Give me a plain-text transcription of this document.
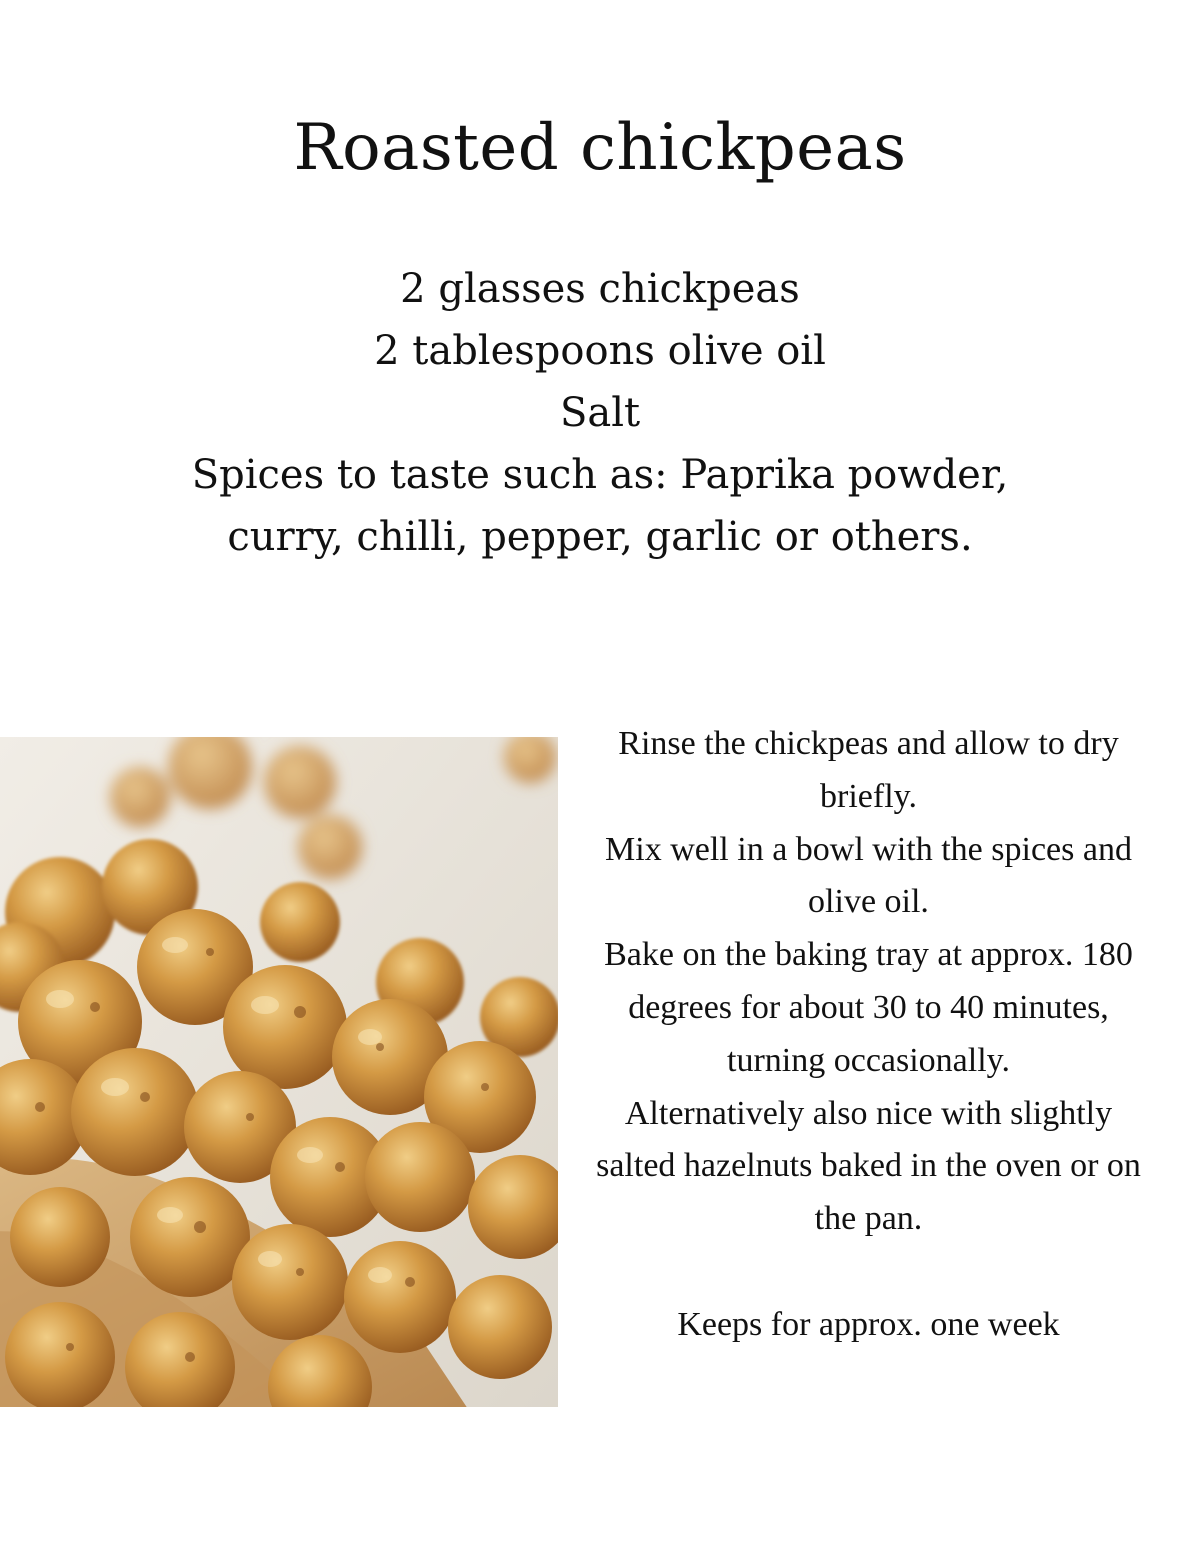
Roasted chickpeas
2 glasses chickpeas
2 tablespoons olive oil
Salt
Spices to taste such as: Paprika powder,
curry, chilli, pepper, garlic or others.

Rinse the chickpeas and allow to dry briefly.

Mix well in a bowl with the spices and olive oil.

Bake on the baking tray at approx. 180 degrees for about 30 to 40 minutes, turning occasionally.

Alternatively also nice with slightly salted hazelnuts baked in the oven or on the pan.

Keeps for approx. one week
